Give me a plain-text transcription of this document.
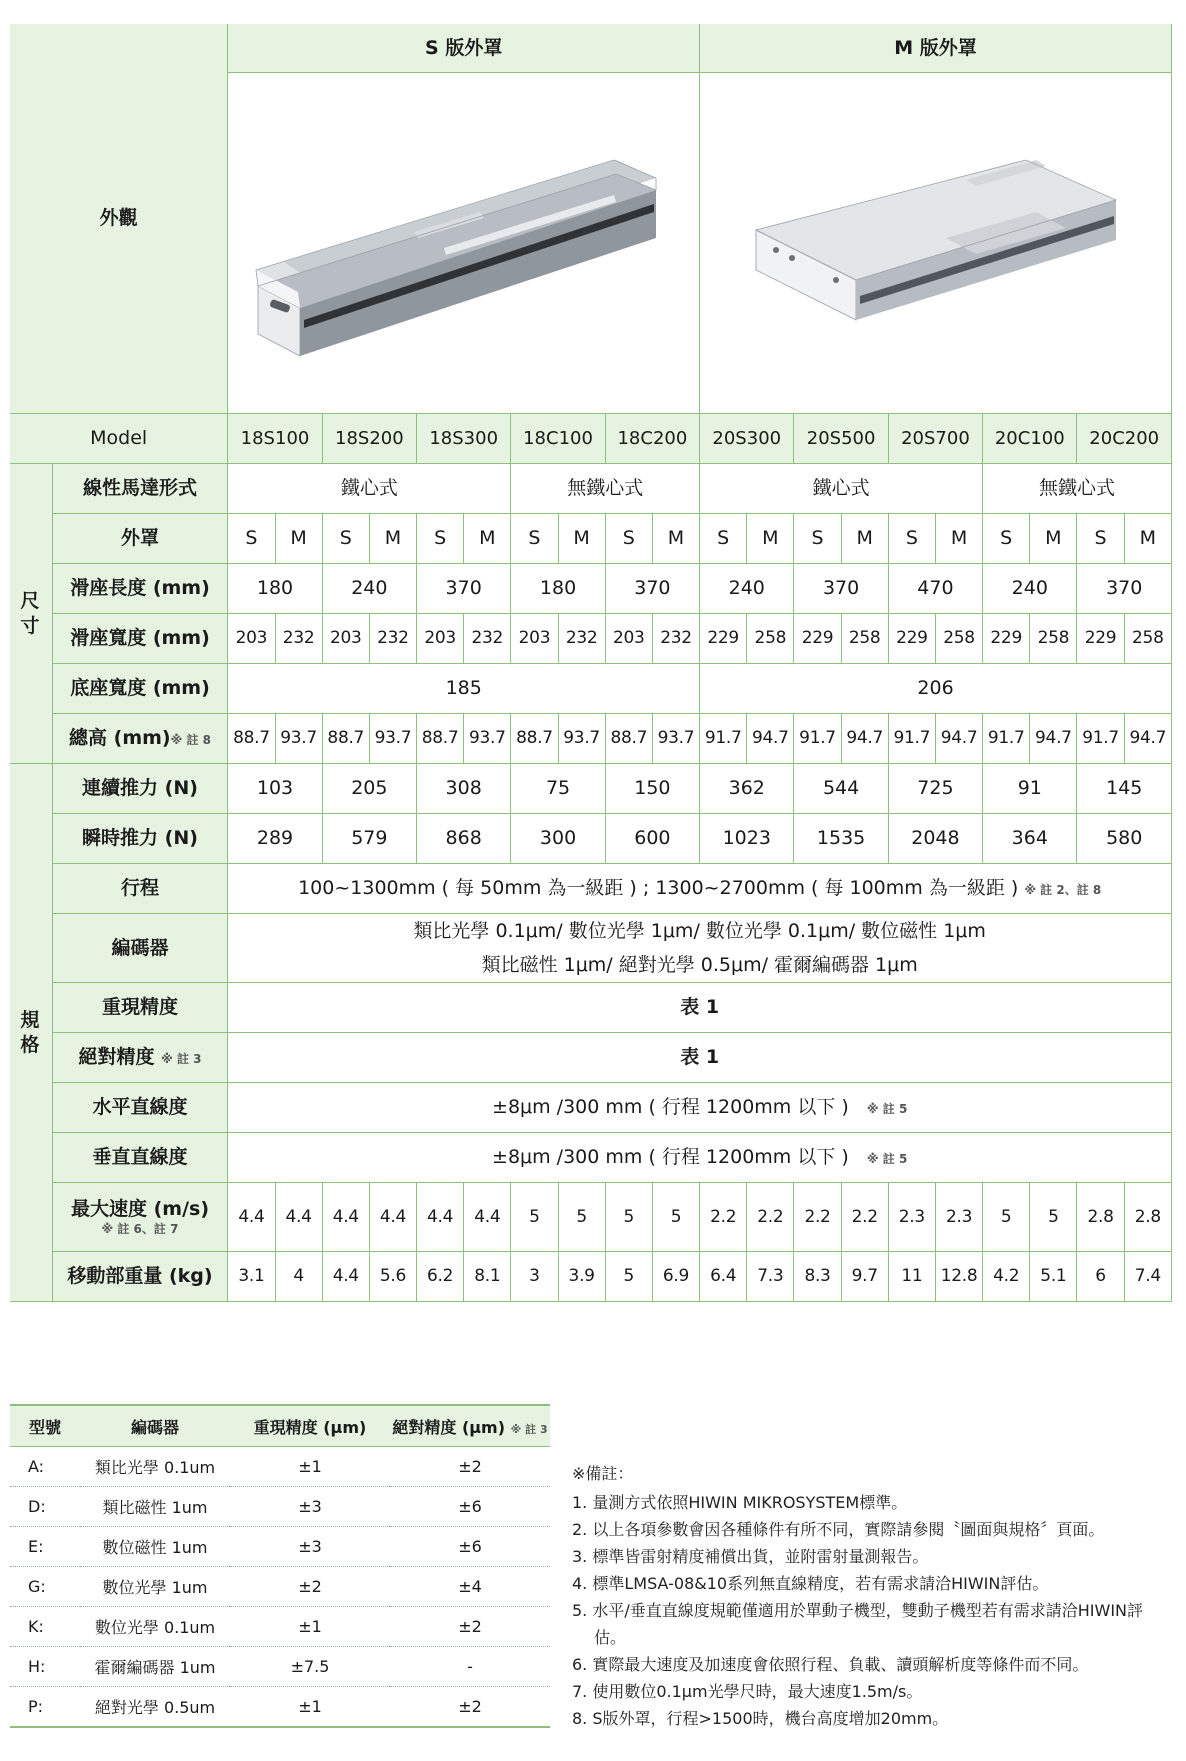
外觀		S 版外罩										M 版外罩									

Model		18S100		18S200		18S300		18C100		18C200		20S300		20S500		20S700		20C100		20C200	
尺
寸	線性馬達形式	鐵心式						無鐵心式				鐵心式						無鐵心式			
	外罩	S	M	S	M	S	M	S	M	S	M	S	M	S	M	S	M	S	M	S	M
	滑座長度 (mm)	180		240		370		180		370		240		370		470		240		370	
	滑座寬度 (mm)	203	232	203	232	203	232	203	232	203	232	229	258	229	258	229	258	229	258	229	258
	底座寬度 (mm)	185										206									
	總高 (mm)※ 註 8	88.7	93.7	88.7	93.7	88.7	93.7	88.7	93.7	88.7	93.7	91.7	94.7	91.7	94.7	91.7	94.7	91.7	94.7	91.7	94.7
規
格	連續推力 (N)	103		205		308		75		150		362		544		725		91		145	
	瞬時推力 (N)	289		579		868		300		600		1023		1535		2048		364		580	
	行程	100~1300mm ( 每 50mm 為一級距 ) ; 1300~2700mm ( 每 100mm 為一級距 ) ※ 註 2、註 8																			
	編碼器	類比光學 0.1μm/ 數位光學 1μm/ 數位光學 0.1μm/ 數位磁性 1μm
類比磁性 1μm/ 絕對光學 0.5μm/ 霍爾編碼器 1μm																			

	重現精度	表 1																			
	絕對精度 ※ 註 3	表 1																			
	水平直線度	±8μm /300 mm ( 行程 1200mm 以下 ) ※ 註 5																			
	垂直直線度	±8μm /300 mm ( 行程 1200mm 以下 ) ※ 註 5																			

	最大速度 (m/s)
※ 註 6、註 7	4.4	4.4	4.4	4.4	4.4	4.4	5	5	5	5	2.2	2.2	2.2	2.2	2.3	2.3	5	5	2.8	2.8
	移動部重量 (kg)	3.1	4	4.4	5.6	6.2	8.1	3	3.9	5	6.9	6.4	7.3	8.3	9.7	11	12.8	4.2	5.1	6	7.4
型號	編碼器	重現精度 (μm)	絕對精度 (μm) ※ 註 3
A:	類比光學 0.1um	±1	±2
D:	類比磁性 1um	±3	±6
E:	數位磁性 1um	±3	±6
G:	數位光學 1um	±2	±4
K:	數位光學 0.1um	±1	±2
H:	霍爾編碼器 1um	±7.5	-
P:	絕對光學 0.5um	±1	±2
※備註：
1. 量測方式依照HIWIN MIKROSYSTEM標準。
2. 以上各項參數會因各種條件有所不同，實際請參閱〝圖面與規格〞頁面。
3. 標準皆雷射精度補償出貨，並附雷射量測報告。
4. 標準LMSA-08&10系列無直線精度，若有需求請洽HIWIN評估。
5. 水平/垂直直線度規範僅適用於單動子機型，雙動子機型若有需求請洽HIWIN評估。
6. 實際最大速度及加速度會依照行程、負載、讀頭解析度等條件而不同。
7. 使用數位0.1μm光學尺時，最大速度1.5m/s。
8. S版外罩，行程>1500時，機台高度增加20mm。
